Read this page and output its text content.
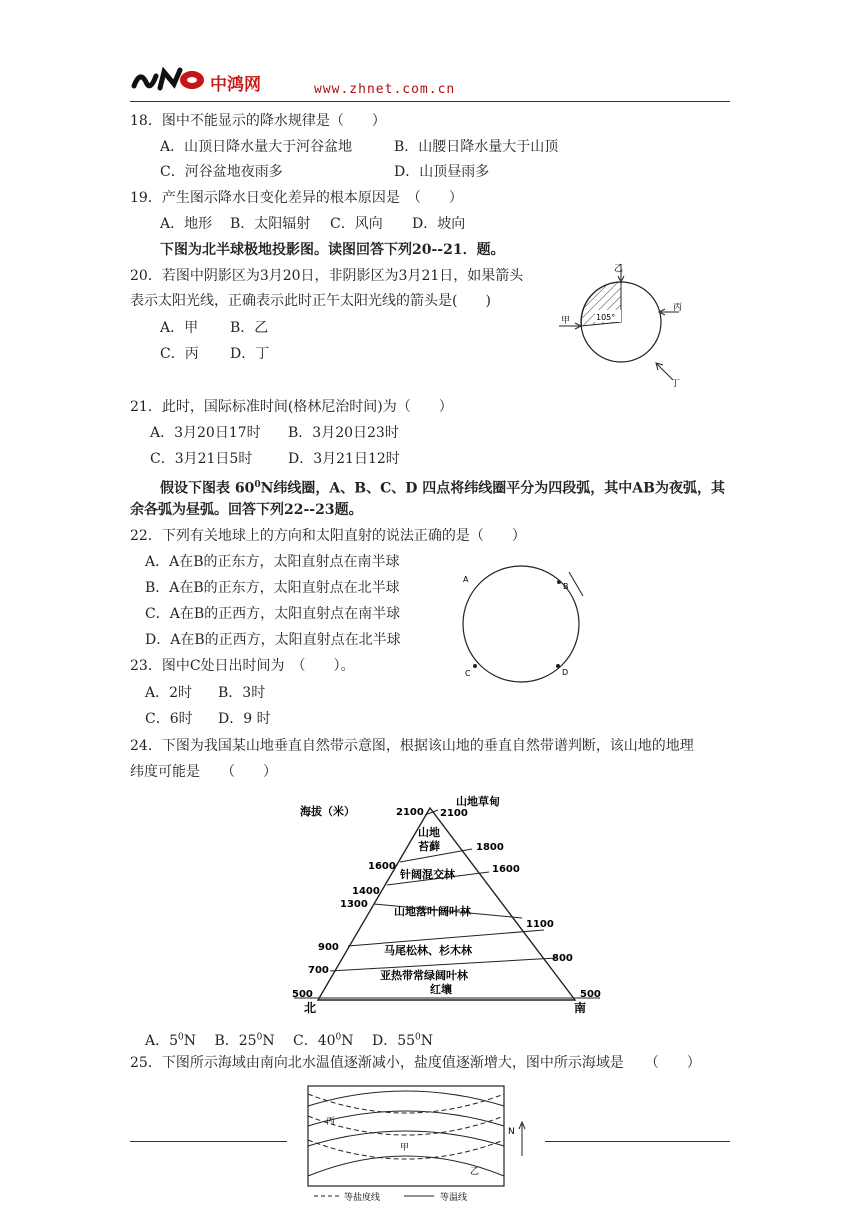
中鸿网	www.zhnet.com.cn
18．图中不能显示的降水规律是（　　）
A．山顶日降水量大于河谷盆地	B．山腰日降水量大于山顶
C．河谷盆地夜雨多	D．山顶昼雨多
19．产生图示降水日变化差异的根本原因是　（　　）
A．地形 B．太阳辐射 C．风向 D．坡向
下图为北半球极地投影图。读图回答下列20--21．题。
20．若图中阴影区为3月20日，非阴影区为3月21日，如果箭头
表示太阳光线，正确表示此时正午太阳光线的箭头是(　　)
A．甲 B．乙
C．丙 D．丁
105°
乙
甲
丙
丁
21．此时，国际标准时间(格林尼治时间)为（　　）
A．3月20日17时 B．3月20日23时
C．3月21日5时	D．3月21日12时
假设下图表 $60^0N$纬线圈，A、B、C、D 四点将纬线圈平分为四段弧，其中AB为夜弧，其
余各弧为昼弧。回答下列22--23题。
22．下列有关地球上的方向和太阳直射的说法正确的是（　　）
A．A在B的正东方，太阳直射点在南半球
B．A在B的正东方，太阳直射点在北半球
C．A在B的正西方，太阳直射点在南半球
D．A在B的正西方，太阳直射点在北半球
A
B
C	D
23．图中C处日出时间为　（　　）。
A．2时 B．3时
C．6时 D．9 时
24．下图为我国某山地垂直自然带示意图，根据该山地的垂直自然带谱判断，该山地的地理
纬度可能是　　（　　）
海拔（米）
山地草甸
山地
苔藓
针阔混交林
山地落叶阔叶林
马尾松林、杉木林
亚热带常绿阔叶林
红壤
2100
1600
1400
1300
900
700
500
2100
1800
1600
1100
800
500
北	南
A．$5^0N$ B．$25^0N$ C．$40^0N$ D．$55^0N$
25．下图所示海域由南向北水温值逐渐减小，盐度值逐渐增大，图中所示海域是　　（　　）
丙
甲
乙
N
等盐度线	等温线
